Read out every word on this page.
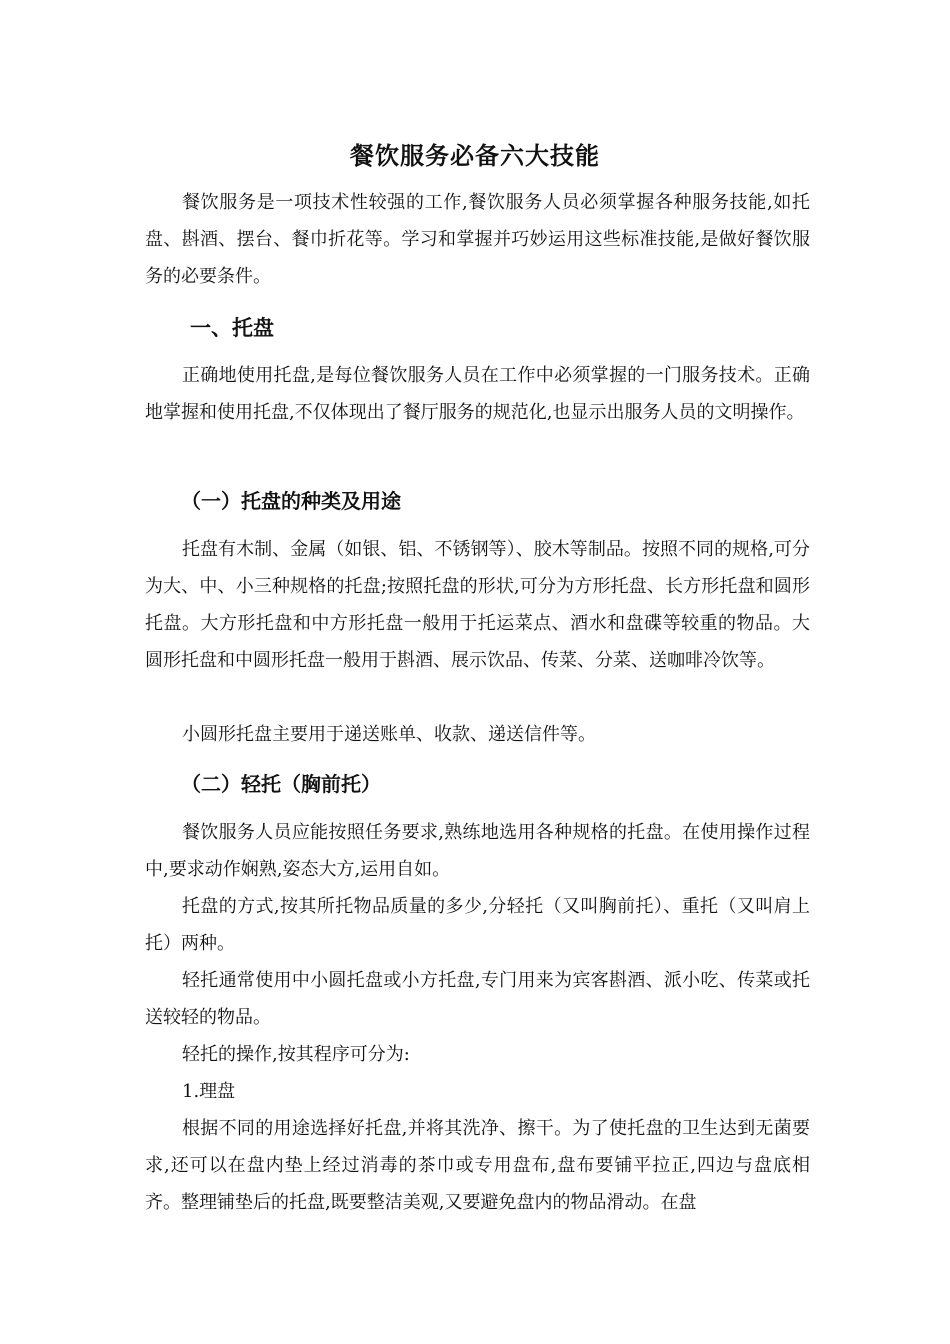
餐饮服务必备六大技能
餐饮服务是一项技术性较强的工作,餐饮服务人员必须掌握各种服务技能,如托盘、斟酒、摆台、餐巾折花等。学习和掌握并巧妙运用这些标准技能,是做好餐饮服务的必要条件。
一、托盘
正确地使用托盘,是每位餐饮服务人员在工作中必须掌握的一门服务技术。正确地掌握和使用托盘,不仅体现出了餐厅服务的规范化,也显示出服务人员的文明操作。
（一）托盘的种类及用途
托盘有木制、金属（如银、铝、不锈钢等）、胶木等制品。按照不同的规格,可分为大、中、小三种规格的托盘;按照托盘的形状,可分为方形托盘、长方形托盘和圆形托盘。大方形托盘和中方形托盘一般用于托运菜点、酒水和盘碟等较重的物品。大圆形托盘和中圆形托盘一般用于斟酒、展示饮品、传菜、分菜、送咖啡冷饮等。
小圆形托盘主要用于递送账单、收款、递送信件等。
（二）轻托（胸前托）
餐饮服务人员应能按照任务要求,熟练地选用各种规格的托盘。在使用操作过程中,要求动作娴熟,姿态大方,运用自如。
托盘的方式,按其所托物品质量的多少,分轻托（又叫胸前托）、重托（又叫肩上托）两种。
轻托通常使用中小圆托盘或小方托盘,专门用来为宾客斟酒、派小吃、传菜或托送较轻的物品。
轻托的操作,按其程序可分为:
1.理盘
根据不同的用途选择好托盘,并将其洗净、擦干。为了使托盘的卫生达到无菌要求,还可以在盘内垫上经过消毒的茶巾或专用盘布,盘布要铺平拉正,四边与盘底相齐。整理铺垫后的托盘,既要整洁美观,又要避免盘内的物品滑动。在盘
